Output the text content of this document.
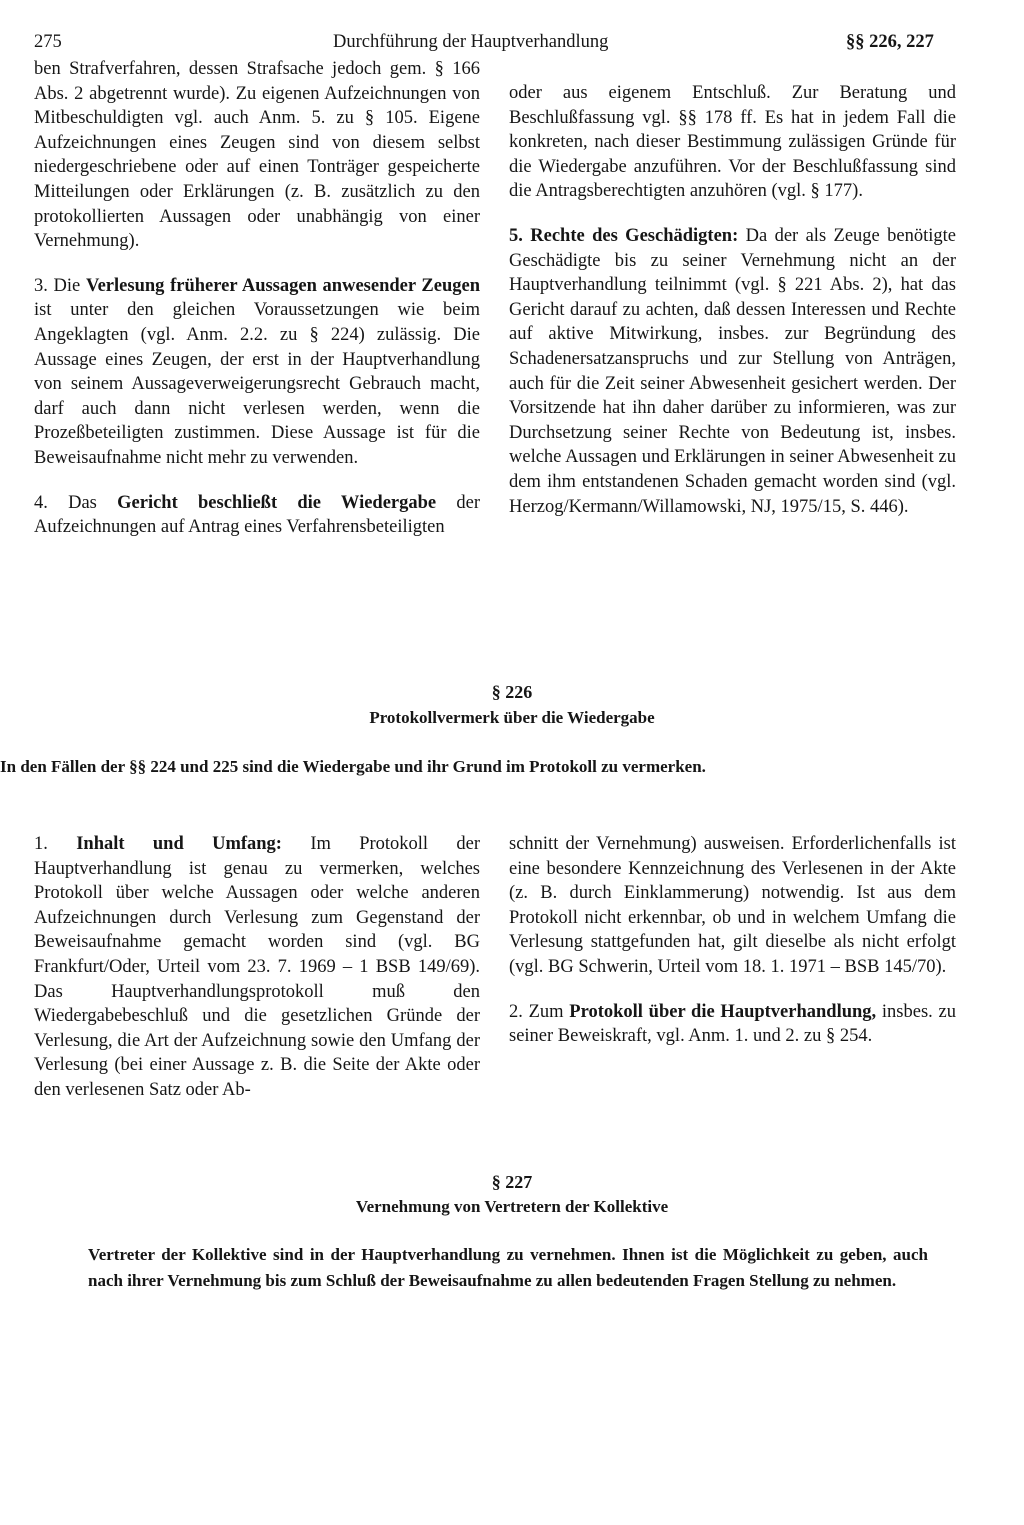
275	Durchführung der Hauptverhandlung	§§ 226, 227

ben Strafverfahren, dessen Strafsache jedoch gem. § 166 Abs. 2 abgetrennt wurde). Zu eigenen Aufzeichnungen von Mitbeschuldigten vgl. auch Anm. 5. zu § 105. Eigene Aufzeichnungen eines Zeugen sind von diesem selbst niedergeschriebene oder auf einen Tonträger gespeicherte Mitteilungen oder Erklärungen (z. B. zusätzlich zu den protokollierten Aussagen oder unabhängig von einer Vernehmung).

3. Die Verlesung früherer Aussagen anwesender Zeugen ist unter den gleichen Voraussetzungen wie beim Angeklagten (vgl. Anm. 2.2. zu § 224) zulässig. Die Aussage eines Zeugen, der erst in der Hauptverhandlung von seinem Aussageverweigerungsrecht Gebrauch macht, darf auch dann nicht verlesen werden, wenn die Prozeßbeteiligten zustimmen. Diese Aussage ist für die Beweisaufnahme nicht mehr zu verwenden.

4. Das Gericht beschließt die Wiedergabe der Aufzeichnungen auf Antrag eines Verfahrensbeteiligten

oder aus eigenem Entschluß. Zur Beratung und Beschlußfassung vgl. §§ 178 ff. Es hat in jedem Fall die konkreten, nach dieser Bestimmung zulässigen Gründe für die Wiedergabe anzuführen. Vor der Beschlußfassung sind die Antragsberechtigten anzuhören (vgl. § 177).

5. Rechte des Geschädigten: Da der als Zeuge benötigte Geschädigte bis zu seiner Vernehmung nicht an der Hauptverhandlung teilnimmt (vgl. § 221 Abs. 2), hat das Gericht darauf zu achten, daß dessen Interessen und Rechte auf aktive Mitwirkung, insbes. zur Begründung des Schadenersatzanspruchs und zur Stellung von Anträgen, auch für die Zeit seiner Abwesenheit gesichert werden. Der Vorsitzende hat ihn daher darüber zu informieren, was zur Durchsetzung seiner Rechte von Bedeutung ist, insbes. welche Aussagen und Erklärungen in seiner Abwesenheit zu dem ihm entstandenen Schaden gemacht worden sind (vgl. Herzog/Kermann/Willamowski, NJ, 1975/15, S. 446).

§ 226
Protokollvermerk über die Wiedergabe
In den Fällen der §§ 224 und 225 sind die Wiedergabe und ihr Grund im Protokoll zu vermerken.

1. Inhalt und Umfang: Im Protokoll der Hauptverhandlung ist genau zu vermerken, welches Protokoll über welche Aussagen oder welche anderen Aufzeichnungen durch Verlesung zum Gegenstand der Beweisaufnahme gemacht worden sind (vgl. BG Frankfurt/Oder, Urteil vom 23. 7. 1969 – 1 BSB 149/69). Das Hauptverhandlungsprotokoll muß den Wiedergabebeschluß und die gesetzlichen Gründe der Verlesung, die Art der Aufzeichnung sowie den Umfang der Verlesung (bei einer Aussage z. B. die Seite der Akte oder den verlesenen Satz oder Ab-

schnitt der Vernehmung) ausweisen. Erforderlichenfalls ist eine besondere Kennzeichnung des Verlesenen in der Akte (z. B. durch Einklammerung) notwendig. Ist aus dem Protokoll nicht erkennbar, ob und in welchem Umfang die Verlesung stattgefunden hat, gilt dieselbe als nicht erfolgt (vgl. BG Schwerin, Urteil vom 18. 1. 1971 – BSB 145/70).

2. Zum Protokoll über die Hauptverhandlung, insbes. zu seiner Beweiskraft, vgl. Anm. 1. und 2. zu § 254.

§ 227
Vernehmung von Vertretern der Kollektive
Vertreter der Kollektive sind in der Hauptverhandlung zu vernehmen. Ihnen ist die Möglichkeit zu geben, auch nach ihrer Vernehmung bis zum Schluß der Beweisaufnahme zu allen bedeutenden Fragen Stellung zu nehmen.
